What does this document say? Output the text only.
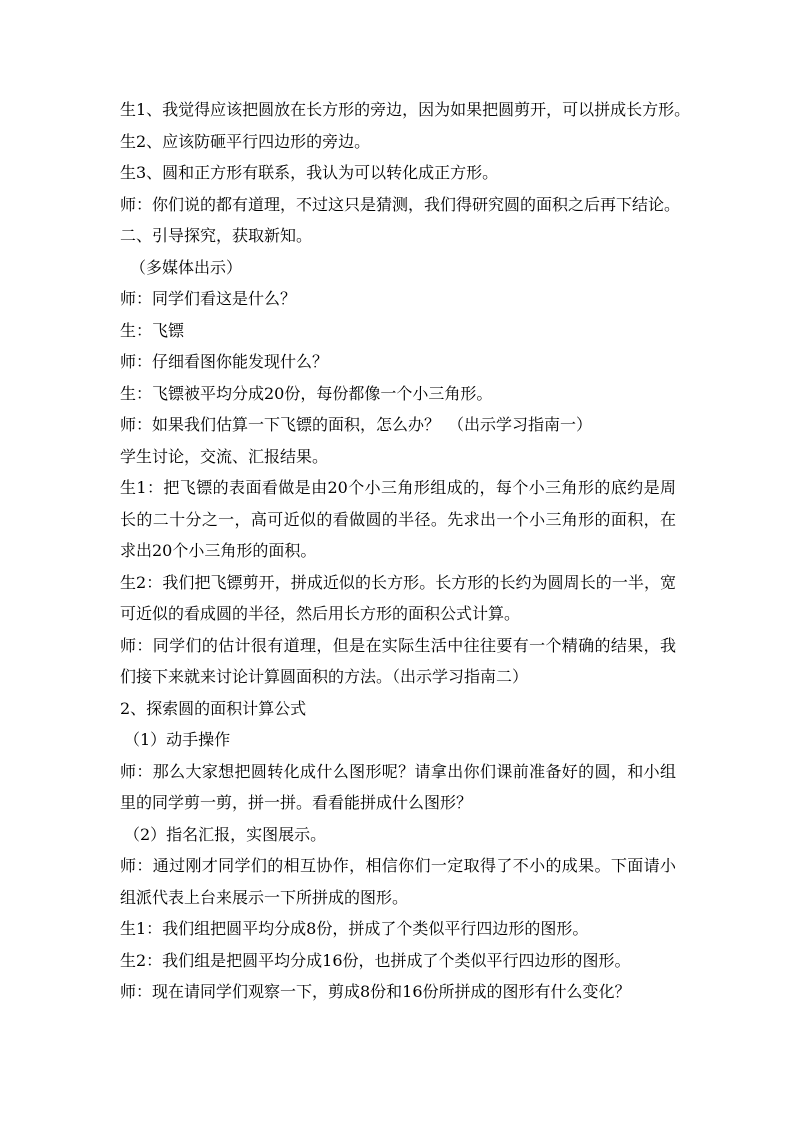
生1、我觉得应该把圆放在长方形的旁边，因为如果把圆剪开，可以拼成长方形。
生2、应该防砸平行四边形的旁边。
生3、圆和正方形有联系，我认为可以转化成正方形。
师：你们说的都有道理，不过这只是猜测，我们得研究圆的面积之后再下结论。
二、引导探究，获取新知。
（多媒体出示）
师：同学们看这是什么？
生：飞镖
师：仔细看图你能发现什么？
生：飞镖被平均分成20份，每份都像一个小三角形。
师：如果我们估算一下飞镖的面积，怎么办？　（出示学习指南一）
学生讨论，交流、汇报结果。

生1：把飞镖的表面看做是由20个小三角形组成的，每个小三角形的底约是周长的二十分之一，高可近似的看做圆的半径。先求出一个小三角形的面积，在求出20个小三角形的面积。

生2：我们把飞镖剪开，拼成近似的长方形。长方形的长约为圆周长的一半，宽可近似的看成圆的半径，然后用长方形的面积公式计算。

师：同学们的估计很有道理，但是在实际生活中往往要有一个精确的结果，我们接下来就来讨论计算圆面积的方法。（出示学习指南二）

2、探索圆的面积计算公式
（1）动手操作

师：那么大家想把圆转化成什么图形呢？请拿出你们课前准备好的圆，和小组里的同学剪一剪，拼一拼。看看能拼成什么图形？

（2）指名汇报，实图展示。

师：通过刚才同学们的相互协作，相信你们一定取得了不小的成果。下面请小组派代表上台来展示一下所拼成的图形。

生1：我们组把圆平均分成8份，拼成了个类似平行四边形的图形。
生2：我们组是把圆平均分成16份，也拼成了个类似平行四边形的图形。
师：现在请同学们观察一下，剪成8份和16份所拼成的图形有什么变化？
